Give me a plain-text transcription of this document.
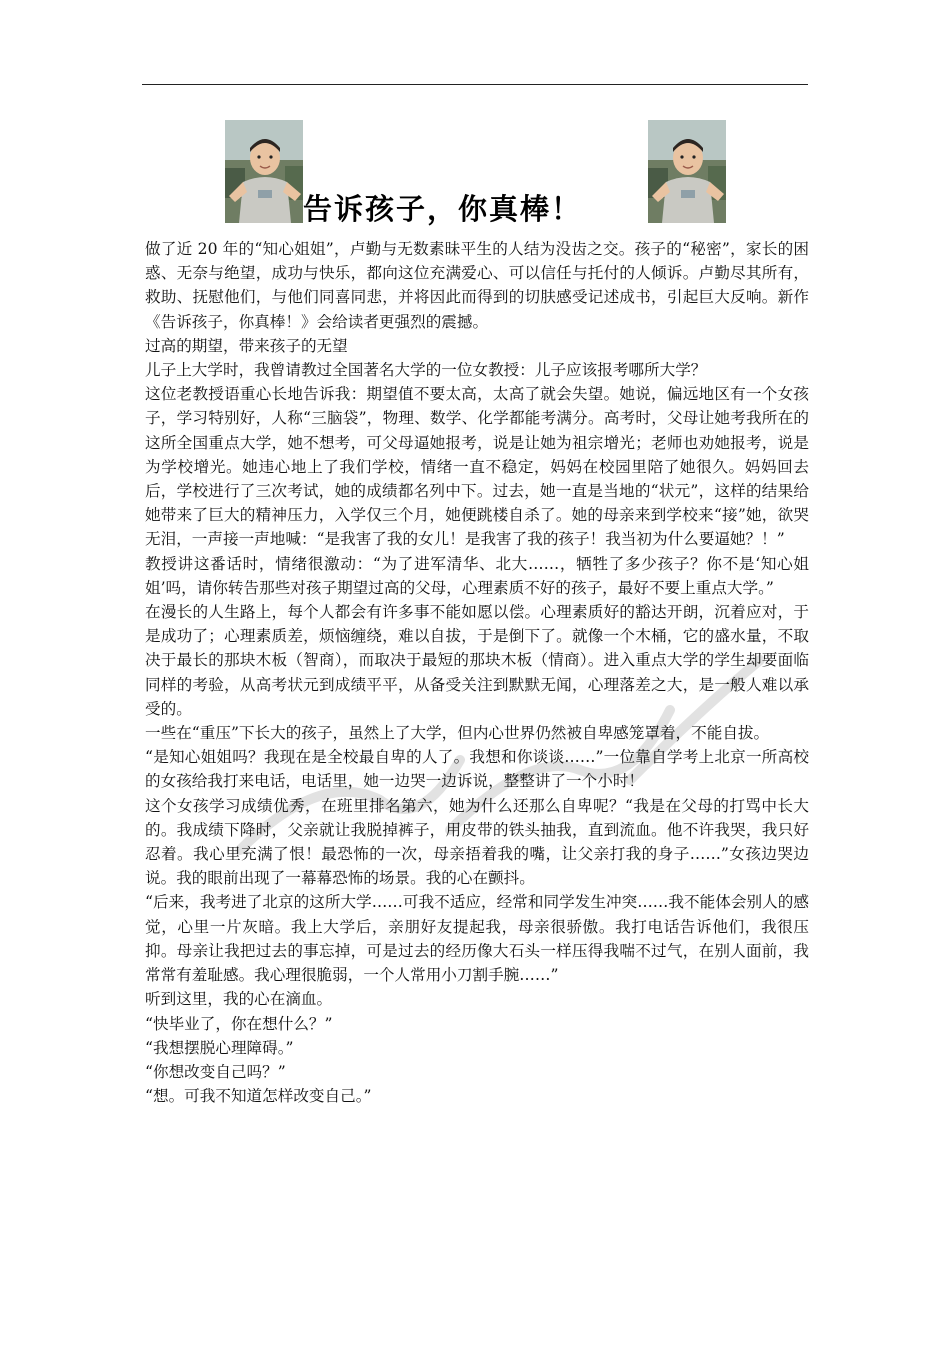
告诉孩子，你真棒！

做了近 20 年的“知心姐姐”，卢勤与无数素昧平生的人结为没齿之交。孩子的“秘密”，家长的困惑、无奈与绝望，成功与快乐，都向这位充满爱心、可以信任与托付的人倾诉。卢勤尽其所有，救助、抚慰他们，与他们同喜同悲，并将因此而得到的切肤感受记述成书，引起巨大反响。新作《告诉孩子，你真棒！》会给读者更强烈的震撼。

过高的期望，带来孩子的无望

儿子上大学时，我曾请教过全国著名大学的一位女教授：儿子应该报考哪所大学？

这位老教授语重心长地告诉我：期望值不要太高，太高了就会失望。她说，偏远地区有一个女孩子，学习特别好，人称“三脑袋”，物理、数学、化学都能考满分。高考时，父母让她考我所在的这所全国重点大学，她不想考，可父母逼她报考，说是让她为祖宗增光；老师也劝她报考，说是为学校增光。她违心地上了我们学校，情绪一直不稳定，妈妈在校园里陪了她很久。妈妈回去后，学校进行了三次考试，她的成绩都名列中下。过去，她一直是当地的“状元”，这样的结果给她带来了巨大的精神压力，入学仅三个月，她便跳楼自杀了。她的母亲来到学校来“接”她，欲哭无泪，一声接一声地喊：“是我害了我的女儿！是我害了我的孩子！我当初为什么要逼她？！”

教授讲这番话时，情绪很激动：“为了进军清华、北大……，牺牲了多少孩子？你不是‘知心姐姐’吗，请你转告那些对孩子期望过高的父母，心理素质不好的孩子，最好不要上重点大学。”

在漫长的人生路上，每个人都会有许多事不能如愿以偿。心理素质好的豁达开朗，沉着应对，于是成功了；心理素质差，烦恼缠绕，难以自拔，于是倒下了。就像一个木桶，它的盛水量，不取决于最长的那块木板（智商），而取决于最短的那块木板（情商）。进入重点大学的学生却要面临同样的考验，从高考状元到成绩平平，从备受关注到默默无闻，心理落差之大，是一般人难以承受的。

一些在“重压”下长大的孩子，虽然上了大学，但内心世界仍然被自卑感笼罩着，不能自拔。

“是知心姐姐吗？我现在是全校最自卑的人了。我想和你谈谈……”一位靠自学考上北京一所高校的女孩给我打来电话，电话里，她一边哭一边诉说，整整讲了一个小时！

这个女孩学习成绩优秀，在班里排名第六，她为什么还那么自卑呢？“我是在父母的打骂中长大的。我成绩下降时，父亲就让我脱掉裤子，用皮带的铁头抽我，直到流血。他不许我哭，我只好忍着。我心里充满了恨！最恐怖的一次，母亲捂着我的嘴，让父亲打我的身子……”女孩边哭边说。我的眼前出现了一幕幕恐怖的场景。我的心在颤抖。

“后来，我考进了北京的这所大学……可我不适应，经常和同学发生冲突……我不能体会别人的感觉，心里一片灰暗。我上大学后，亲朋好友提起我，母亲很骄傲。我打电话告诉他们，我很压抑。母亲让我把过去的事忘掉，可是过去的经历像大石头一样压得我喘不过气，在别人面前，我常常有羞耻感。我心理很脆弱，一个人常用小刀割手腕……”

听到这里，我的心在滴血。

“快毕业了，你在想什么？”

“我想摆脱心理障碍。”

“你想改变自己吗？”

“想。可我不知道怎样改变自己。”
